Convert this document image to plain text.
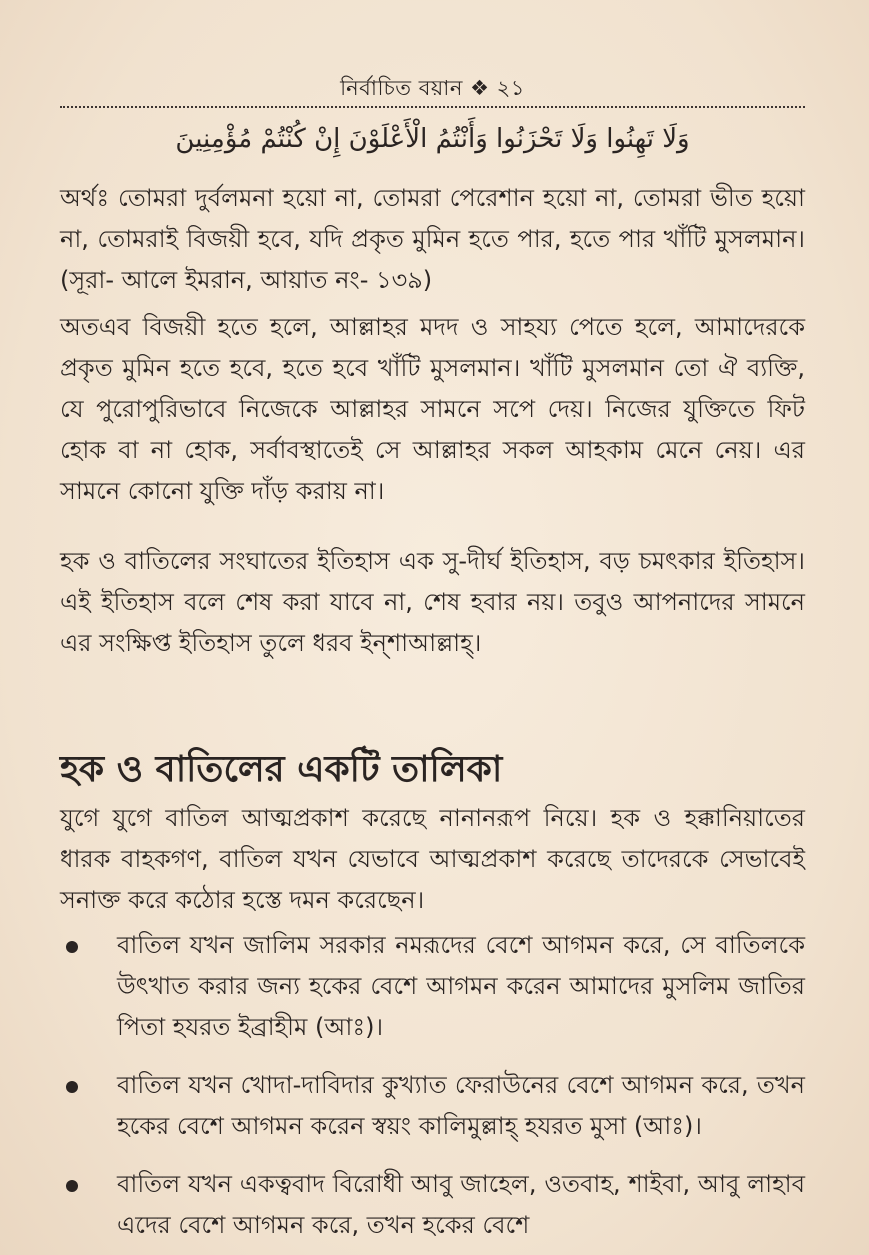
নির্বাচিত বয়ান ❖ ২১
وَلَا تَهِنُوا وَلَا تَحْزَنُوا وَأَنْتُمُ الْأَعْلَوْنَ إِنْ كُنْتُمْ مُؤْمِنِينَ

অর্থঃ তোমরা দুর্বলমনা হয়ো না, তোমরা পেরেশান হয়ো না, তোমরা ভীত হয়ো না, তোমরাই বিজয়ী হবে, যদি প্রকৃত মুমিন হতে পার, হতে পার খাঁটি মুসলমান। (সূরা- আলে ইমরান, আয়াত নং- ১৩৯)

অতএব বিজয়ী হতে হলে, আল্লাহর মদদ ও সাহয্য পেতে হলে, আমাদেরকে প্রকৃত মুমিন হতে হবে, হতে হবে খাঁটি মুসলমান। খাঁটি মুসলমান তো ঐ ব্যক্তি, যে পুরোপুরিভাবে নিজেকে আল্লাহর সামনে সপে দেয়। নিজের যুক্তিতে ফিট হোক বা না হোক, সর্বাবস্থাতেই সে আল্লাহর সকল আহকাম মেনে নেয়। এর সামনে কোনো যুক্তি দাঁড় করায় না।

হক ও বাতিলের সংঘাতের ইতিহাস এক সু-দীর্ঘ ইতিহাস, বড় চমৎকার ইতিহাস। এই ইতিহাস বলে শেষ করা যাবে না, শেষ হবার নয়। তবুও আপনাদের সামনে এর সংক্ষিপ্ত ইতিহাস তুলে ধরব ইন্‌শাআল্লাহ্।

হক ও বাতিলের একটি তালিকা

যুগে যুগে বাতিল আত্মপ্রকাশ করেছে নানানরূপ নিয়ে। হক ও হক্কানিয়াতের ধারক বাহকগণ, বাতিল যখন যেভাবে আত্মপ্রকাশ করেছে তাদেরকে সেভাবেই সনাক্ত করে কঠোর হস্তে দমন করেছেন।

বাতিল যখন জালিম সরকার নমরূদের বেশে আগমন করে, সে বাতিলকে উৎখাত করার জন্য হকের বেশে আগমন করেন আমাদের মুসলিম জাতির পিতা হযরত ইব্রাহীম (আঃ)।
বাতিল যখন খোদা-দাবিদার কুখ্যাত ফেরাউনের বেশে আগমন করে, তখন হকের বেশে আগমন করেন স্বয়ং কালিমুল্লাহ্ হযরত মুসা (আঃ)।
বাতিল যখন একত্ববাদ বিরোধী আবু জাহেল, ওতবাহ, শাইবা, আবু লাহাব এদের বেশে আগমন করে, তখন হকের বেশে
